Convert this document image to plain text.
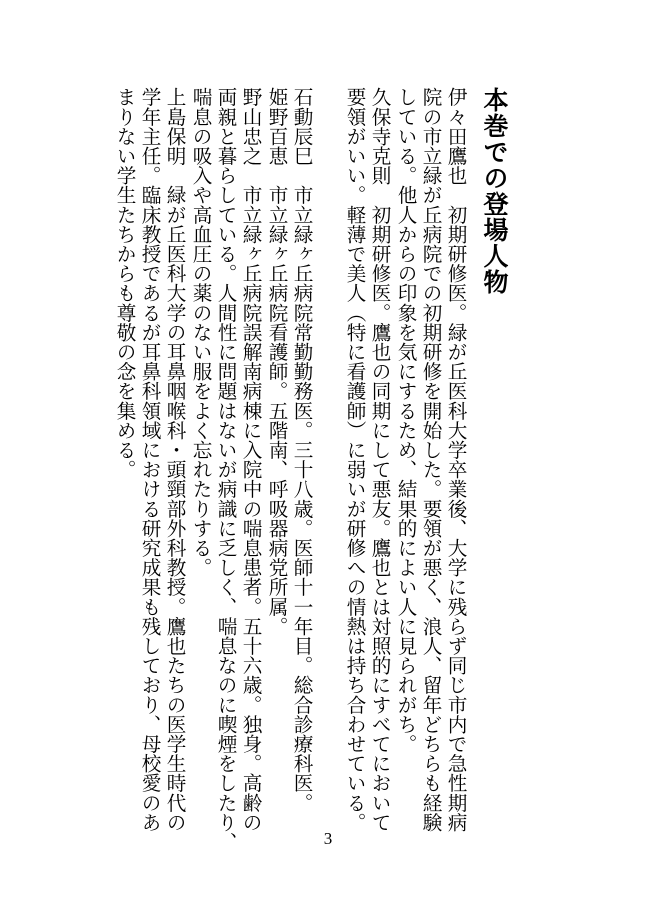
本巻での登場人物
伊々田鷹也　初期研修医。緑が丘医科大学卒業後、大学に残らず同じ市内で急性期病
院の市立緑が丘病院での初期研修を開始した。要領が悪く、浪人、留年どちらも経験
している。他人からの印象を気にするため、結果的によい人に見られがち。
久保寺克則　初期研修医。鷹也の同期にして悪友。鷹也とは対照的にすべてにおいて
要領がいい。軽薄で美人（特に看護師）に弱いが研修への情熱は持ち合わせている。
石動辰巳　市立緑ヶ丘病院常勤勤務医。三十八歳。医師十一年目。総合診療科医。
姫野百恵　市立緑ヶ丘病院看護師。五階南、呼吸器病党所属。
野山忠之　市立緑ヶ丘病院誤解南病棟に入院中の喘息患者。五十六歳。独身。高齢の
両親と暮らしている。人間性に問題はないが病識に乏しく、喘息なのに喫煙をしたり、
喘息の吸入や高血圧の薬のない服をよく忘れたりする。
上島保明　緑が丘医科大学の耳鼻咽喉科・頭頸部外科教授。鷹也たちの医学生時代の
学年主任。臨床教授であるが耳鼻科領域における研究成果も残しており、母校愛のあ
まりない学生たちからも尊敬の念を集める。
3
